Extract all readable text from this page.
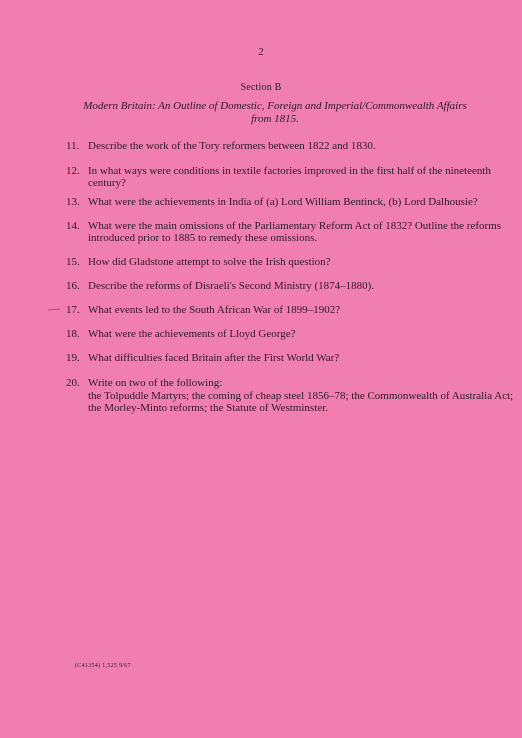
2
Section B
Modern Britain: An Outline of Domestic, Foreign and Imperial/Commonwealth Affairs
from 1815.
11. Describe the work of the Tory reformers between 1822 and 1830.
12. In what ways were conditions in textile factories improved in the first half of the nineteenth century?
13. What were the achievements in India of (a) Lord William Bentinck, (b) Lord Dalhousie?
14. What were the main omissions of the Parliamentary Reform Act of 1832? Outline the reforms introduced prior to 1885 to remedy these omissions.
15. How did Gladstone attempt to solve the Irish question?
16. Describe the reforms of Disraeli's Second Ministry (1874–1880).
17. What events led to the South African War of 1899–1902?
18. What were the achievements of Lloyd George?
19. What difficulties faced Britain after the First World War?
20. Write on two of the following:
the Tolpuddle Martyrs; the coming of cheap steel 1856–78; the Commonwealth of Australia Act; the Morley-Minto reforms; the Statute of Westminster.
(C41354) 1,525 9/67
